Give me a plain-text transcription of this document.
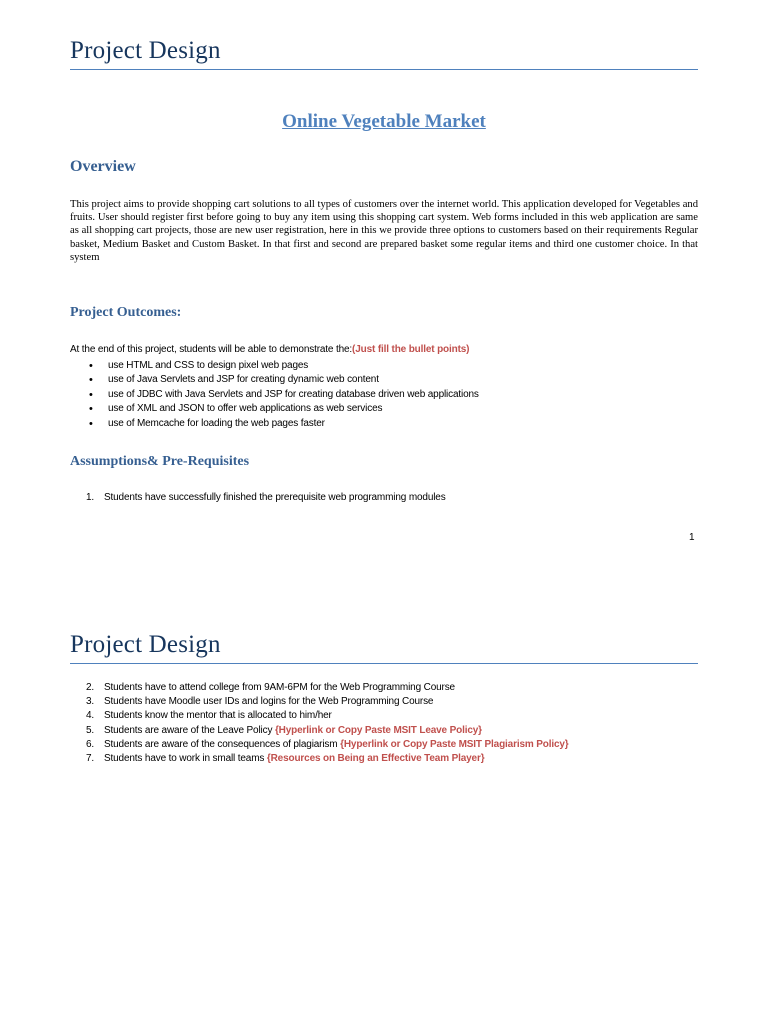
Project Design
Online Vegetable Market
Overview

This project aims to provide shopping cart solutions to all types of customers over the internet world. This application developed for Vegetables and fruits. User should register first before going to buy any item using this shopping cart system. Web forms included in this web application are same as all shopping cart projects, those are new user registration, here in this we provide three options to customers based on their requirements Regular basket, Medium Basket and Custom Basket. In that first and second are prepared basket some regular items and third one customer choice. In that system

Project Outcomes:

At the end of this project, students will be able to demonstrate the:(Just fill the bullet points)

• use HTML and CSS to design pixel web pages
• use of Java Servlets and JSP for creating dynamic web content
• use of JDBC with Java Servlets and JSP for creating database driven web applications
• use of XML and JSON to offer web applications as web services
• use of Memcache for loading the web pages faster
Assumptions& Pre-Requisites
1. Students have successfully finished the prerequisite web programming modules

1

Project Design
2. Students have to attend college from 9AM-6PM for the Web Programming Course
3. Students have Moodle user IDs and logins for the Web Programming Course
4. Students know the mentor that is allocated to him/her
5. Students are aware of the Leave Policy {Hyperlink or Copy Paste MSIT Leave Policy}
6. Students are aware of the consequences of plagiarism {Hyperlink or Copy Paste MSIT Plagiarism Policy}
7. Students have to work in small teams {Resources on Being an Effective Team Player}
